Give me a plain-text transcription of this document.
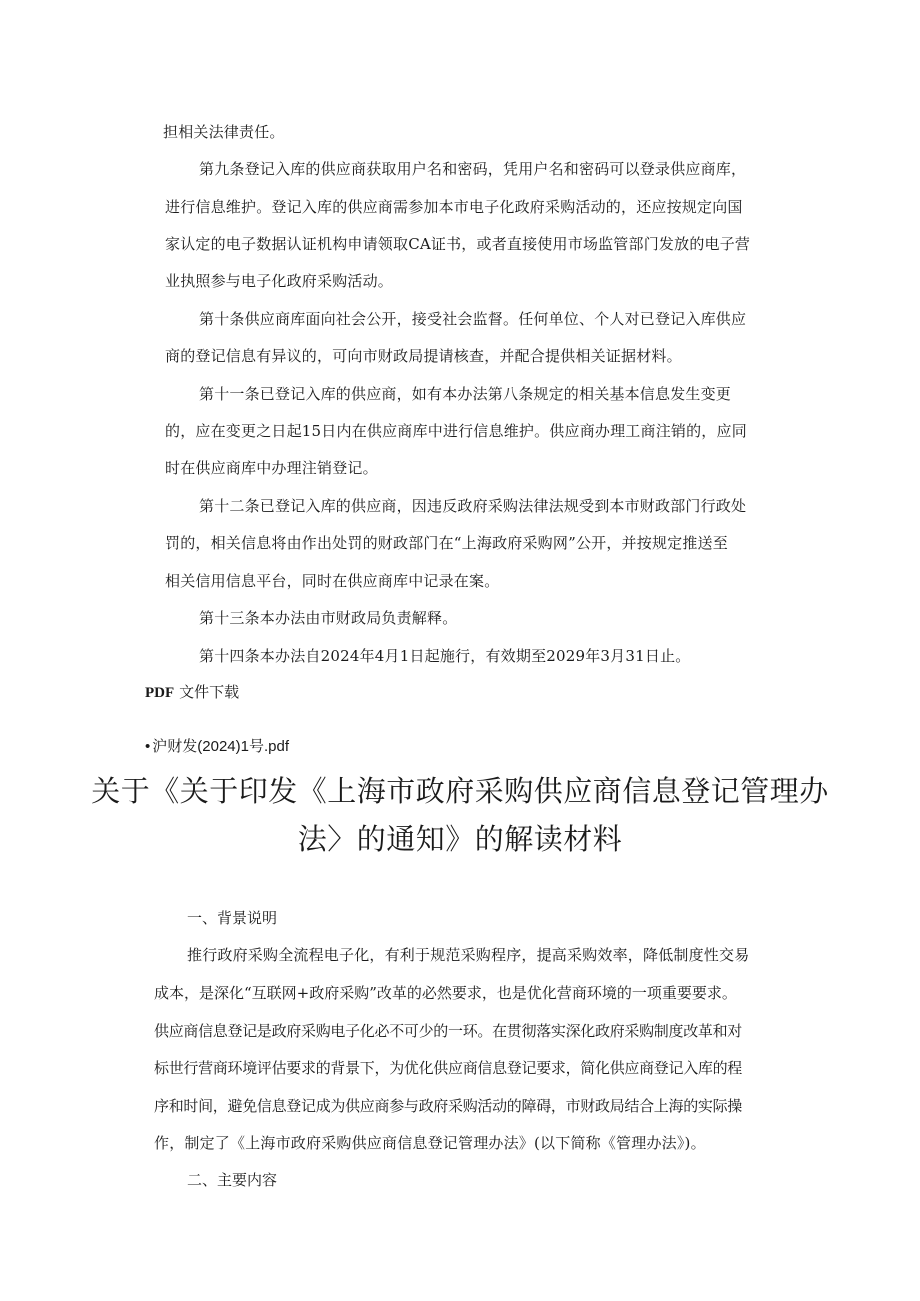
担相关法律责任。
第九条登记入库的供应商获取用户名和密码，凭用户名和密码可以登录供应商库，
进行信息维护。登记入库的供应商需参加本市电子化政府采购活动的，还应按规定向国
家认定的电子数据认证机构申请领取CA证书，或者直接使用市场监管部门发放的电子营
业执照参与电子化政府采购活动。
第十条供应商库面向社会公开，接受社会监督。任何单位、个人对已登记入库供应
商的登记信息有异议的，可向市财政局提请核查，并配合提供相关证据材料。
第十一条已登记入库的供应商，如有本办法第八条规定的相关基本信息发生变更
的，应在变更之日起15日内在供应商库中进行信息维护。供应商办理工商注销的，应同
时在供应商库中办理注销登记。
第十二条已登记入库的供应商，因违反政府采购法律法规受到本市财政部门行政处
罚的，相关信息将由作出处罚的财政部门在“上海政府采购网”公开，并按规定推送至
相关信用信息平台，同时在供应商库中记录在案。
第十三条本办法由市财政局负责解释。
第十四条本办法自2024年4月1日起施行，有效期至2029年3月31日止。
PDF 文件下载
• 沪财发(2024)1号.pdf
关于《关于印发《上海市政府采购供应商信息登记管理办
法〉的通知》的解读材料
一、背景说明
推行政府采购全流程电子化，有利于规范采购程序，提高采购效率，降低制度性交易
成本，是深化“互联网+政府采购”改革的必然要求，也是优化营商环境的一项重要要求。
供应商信息登记是政府采购电子化必不可少的一环。在贯彻落实深化政府采购制度改革和对
标世行营商环境评估要求的背景下，为优化供应商信息登记要求，简化供应商登记入库的程
序和时间，避免信息登记成为供应商参与政府采购活动的障碍，市财政局结合上海的实际操
作，制定了《上海市政府采购供应商信息登记管理办法》(以下简称《管理办法》)。
二、主要内容
